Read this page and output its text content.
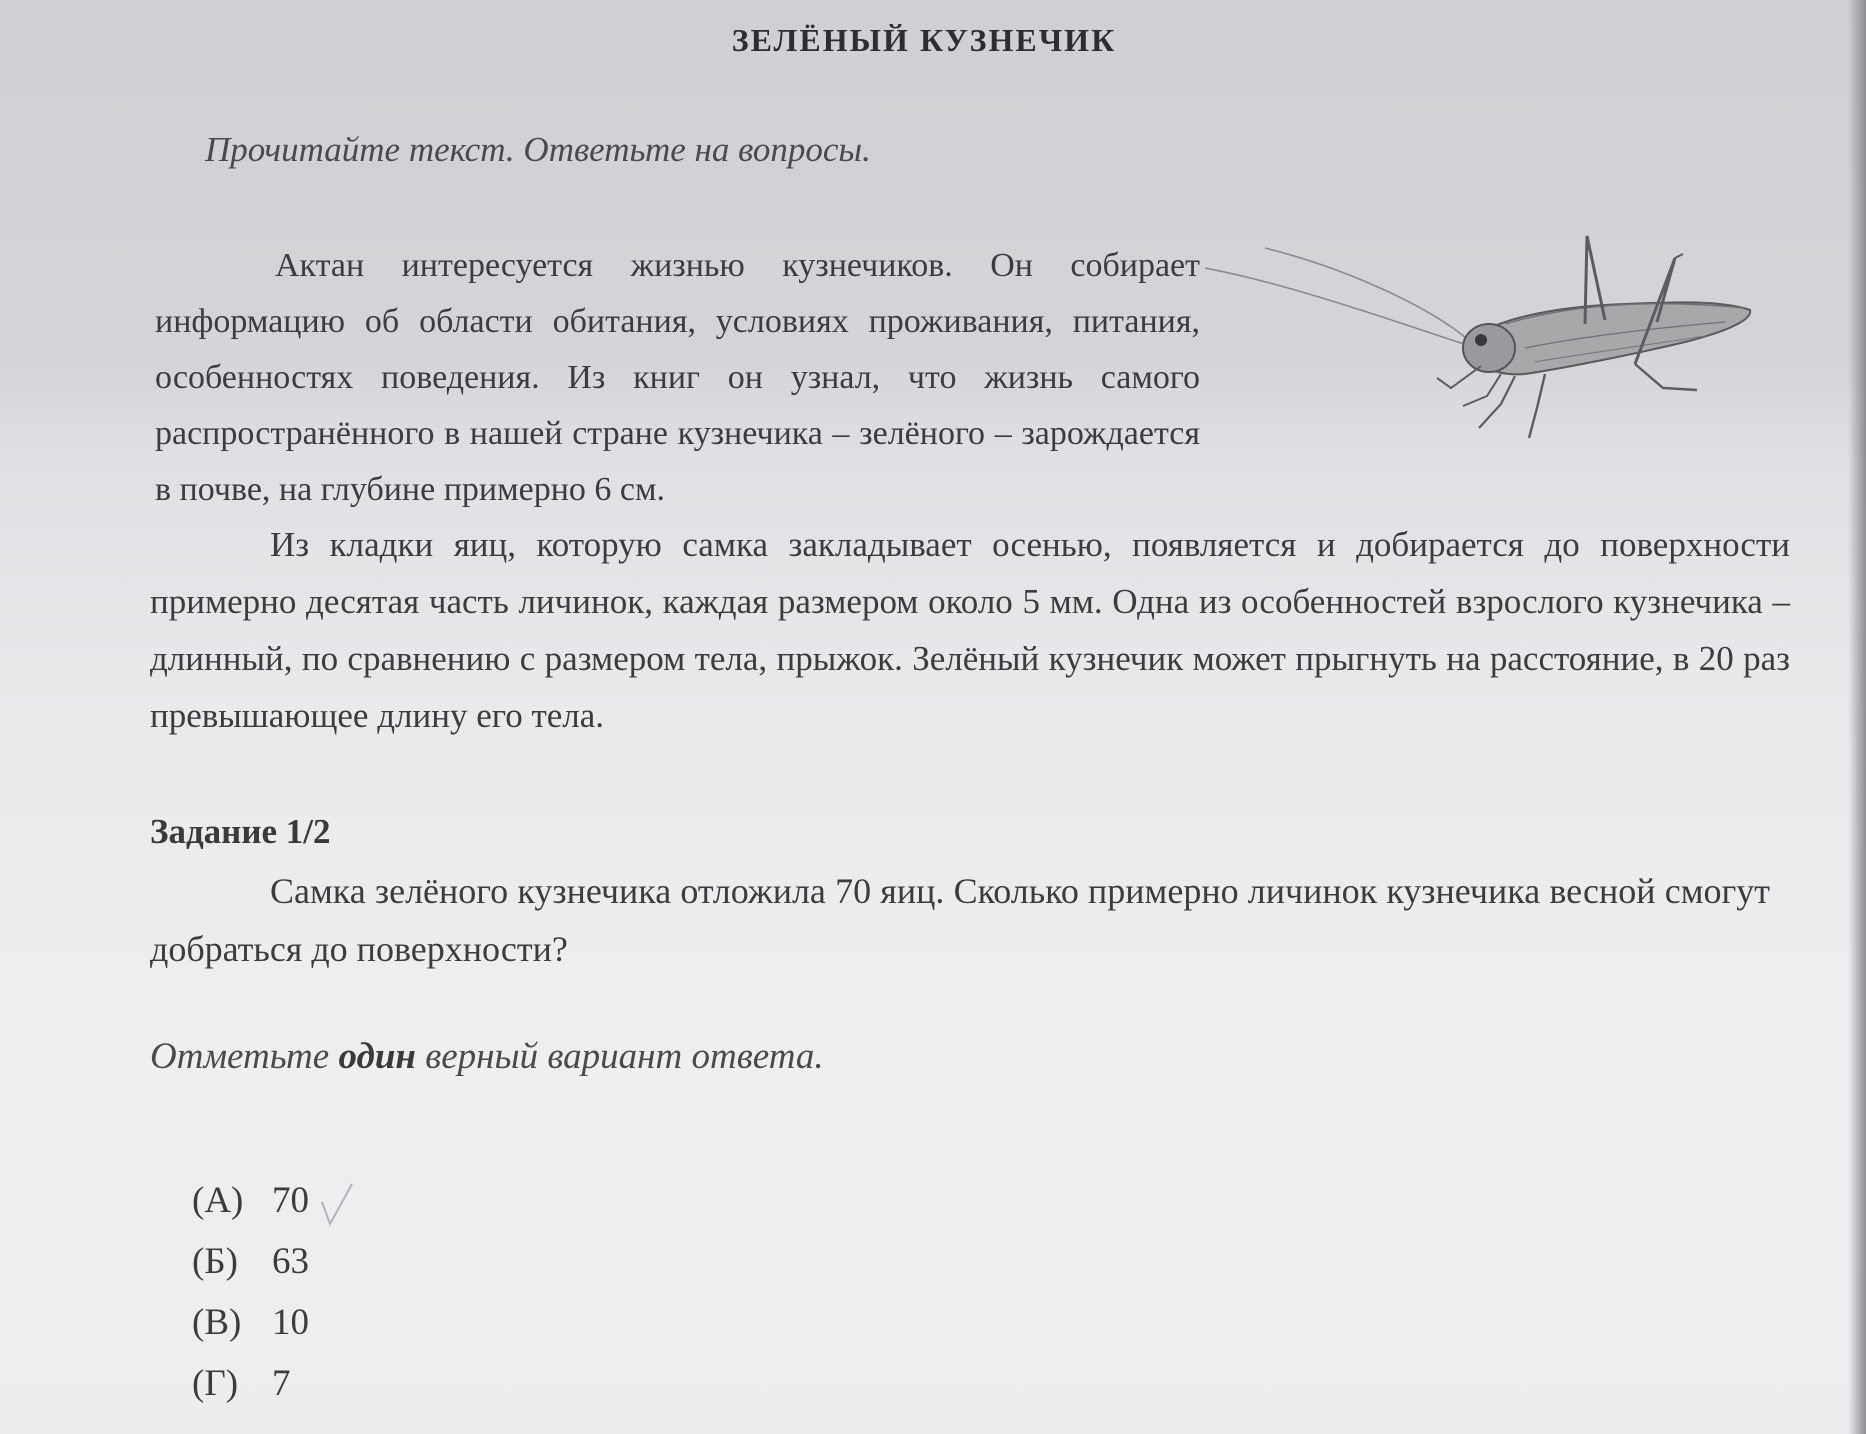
ЗЕЛЁНЫЙ КУЗНЕЧИК
Прочитайте текст. Ответьте на вопросы.
Актан интересуется жизнью кузнечиков. Он собирает информацию об области обитания, условиях проживания, питания, особенностях поведения. Из книг он узнал, что жизнь самого распространённого в нашей стране кузнечика – зелёного – зарождается в почве, на глубине примерно 6 см.
Из кладки яиц, которую самка закладывает осенью, появляется и добирается до поверхности примерно десятая часть личинок, каждая размером около 5 мм. Одна из особенностей взрослого кузнечика – длинный, по сравнению с размером тела, прыжок. Зелёный кузнечик может прыгнуть на расстояние, в 20 раз превышающее длину его тела.
Задание 1/2
Самка зелёного кузнечика отложила 70 яиц. Сколько примерно личинок кузнечика весной смогут добраться до поверхности?
Отметьте один верный вариант ответа.
(А) 70
(Б) 63
(В) 10
(Г) 7
